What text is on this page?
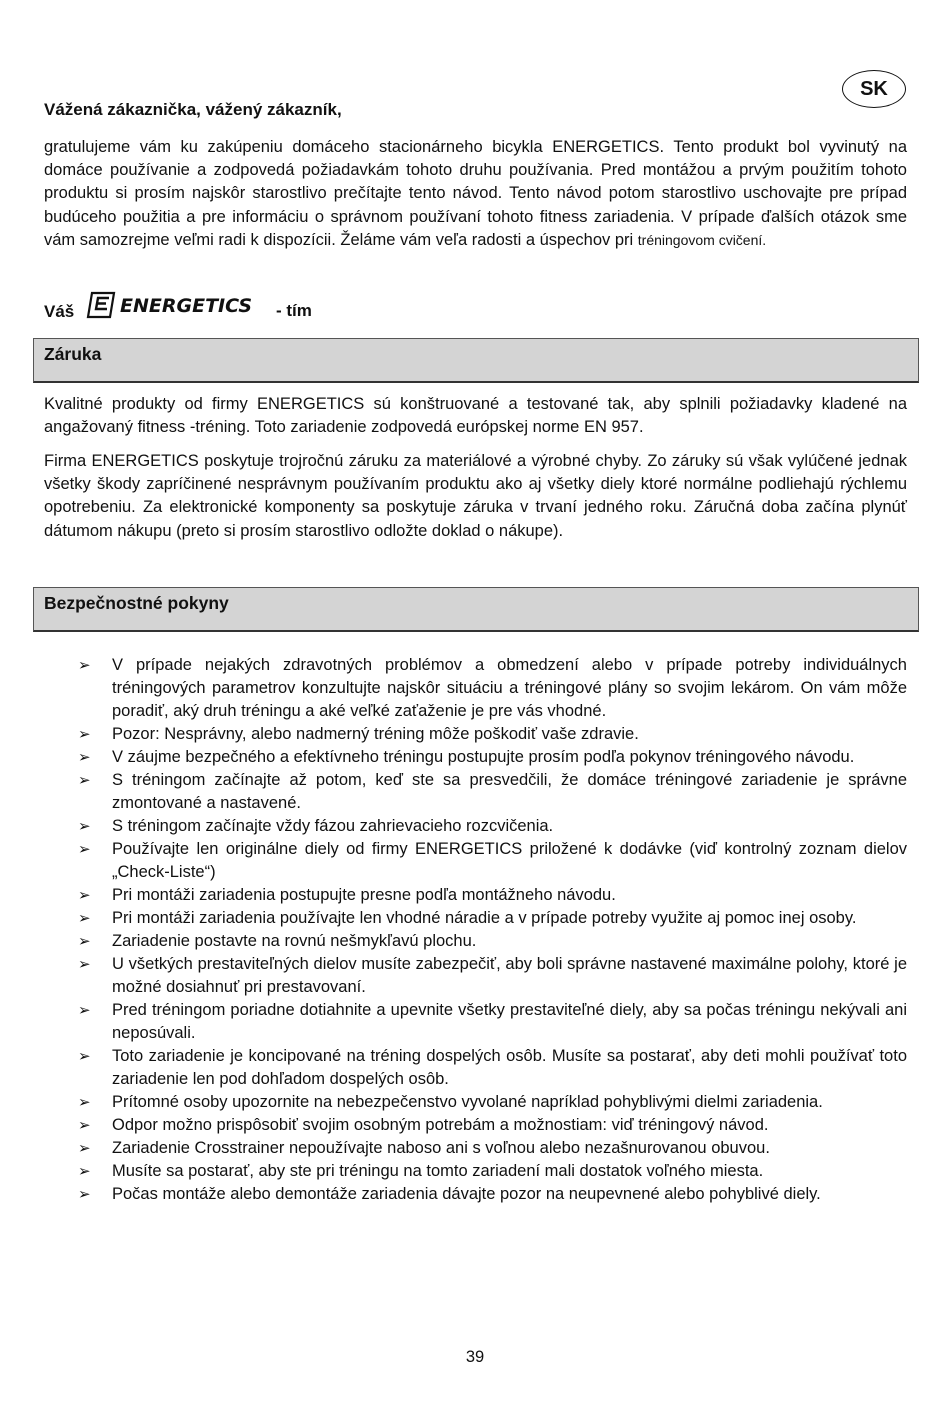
SK
Vážená zákaznička, vážený zákazník,
gratulujeme vám ku zakúpeniu domáceho stacionárneho bicykla ENERGETICS. Tento produkt bol vyvinutý na domáce používanie a zodpovedá požiadavkám tohoto druhu používania. Pred montážou a prvým použitím tohoto produktu si prosím najskôr starostlivo prečítajte tento návod. Tento návod potom starostlivo uschovajte pre prípad budúceho použitia a pre informáciu o správnom používaní tohoto fitness zariadenia. V prípade ďalších otázok sme vám samozrejme veľmi radi k dispozícii. Želáme vám veľa radosti a úspechov pri tréningovom cvičení.
Váš ENERGETICS - tím
Záruka
Kvalitné produkty od firmy ENERGETICS sú konštruované a testované tak, aby splnili požiadavky kladené na angažovaný fitness -tréning. Toto zariadenie zodpovedá európskej norme EN 957.
Firma ENERGETICS poskytuje trojročnú záruku za materiálové a výrobné chyby. Zo záruky sú však vylúčené jednak všetky škody zapríčinené nesprávnym používaním produktu ako aj všetky diely ktoré normálne podliehajú rýchlemu opotrebeniu. Za elektronické komponenty sa poskytuje záruka v trvaní jedného roku. Záručná doba začína plynúť dátumom nákupu (preto si prosím starostlivo odložte doklad o nákupe).
Bezpečnostné pokyny
➢ V prípade nejakých zdravotných problémov a obmedzení alebo v prípade potreby individuálnych tréningových parametrov konzultujte najskôr situáciu a tréningové plány so svojim lekárom. On vám môže poradiť, aký druh tréningu a aké veľké zaťaženie je pre vás vhodné.
➢ Pozor: Nesprávny, alebo nadmerný tréning môže poškodiť vaše zdravie.
➢ V záujme bezpečného a efektívneho tréningu postupujte prosím podľa pokynov tréningového návodu.
➢ S tréningom začínajte až potom, keď ste sa presvedčili, že domáce tréningové zariadenie je správne zmontované a nastavené.
➢ S tréningom začínajte vždy fázou zahrievacieho rozcvičenia.
➢ Používajte len originálne diely od firmy ENERGETICS priložené k dodávke (viď kontrolný zoznam dielov „Check-Liste“)
➢ Pri montáži zariadenia postupujte presne podľa montážneho návodu.
➢ Pri montáži zariadenia používajte len vhodné náradie a v prípade potreby využite aj pomoc inej osoby.
➢ Zariadenie postavte na rovnú nešmykľavú plochu.
➢ U všetkých prestaviteľných dielov musíte zabezpečiť, aby boli správne nastavené maximálne polohy, ktoré je možné dosiahnuť pri prestavovaní.
➢ Pred tréningom poriadne dotiahnite a upevnite všetky prestaviteľné diely, aby sa počas tréningu nekývali ani neposúvali.
➢ Toto zariadenie je koncipované na tréning dospelých osôb. Musíte sa postarať, aby deti mohli používať toto zariadenie len pod dohľadom dospelých osôb.
➢ Prítomné osoby upozornite na nebezpečenstvo vyvolané napríklad pohyblivými dielmi zariadenia.
➢ Odpor možno prispôsobiť svojim osobným potrebám a možnostiam: viď tréningový návod.
➢ Zariadenie Crosstrainer nepoužívajte naboso ani s voľnou alebo nezašnurovanou obuvou.
➢ Musíte sa postarať, aby ste pri tréningu na tomto zariadení mali dostatok voľného miesta.
➢ Počas montáže alebo demontáže zariadenia dávajte pozor na neupevnené alebo pohyblivé diely.
39
